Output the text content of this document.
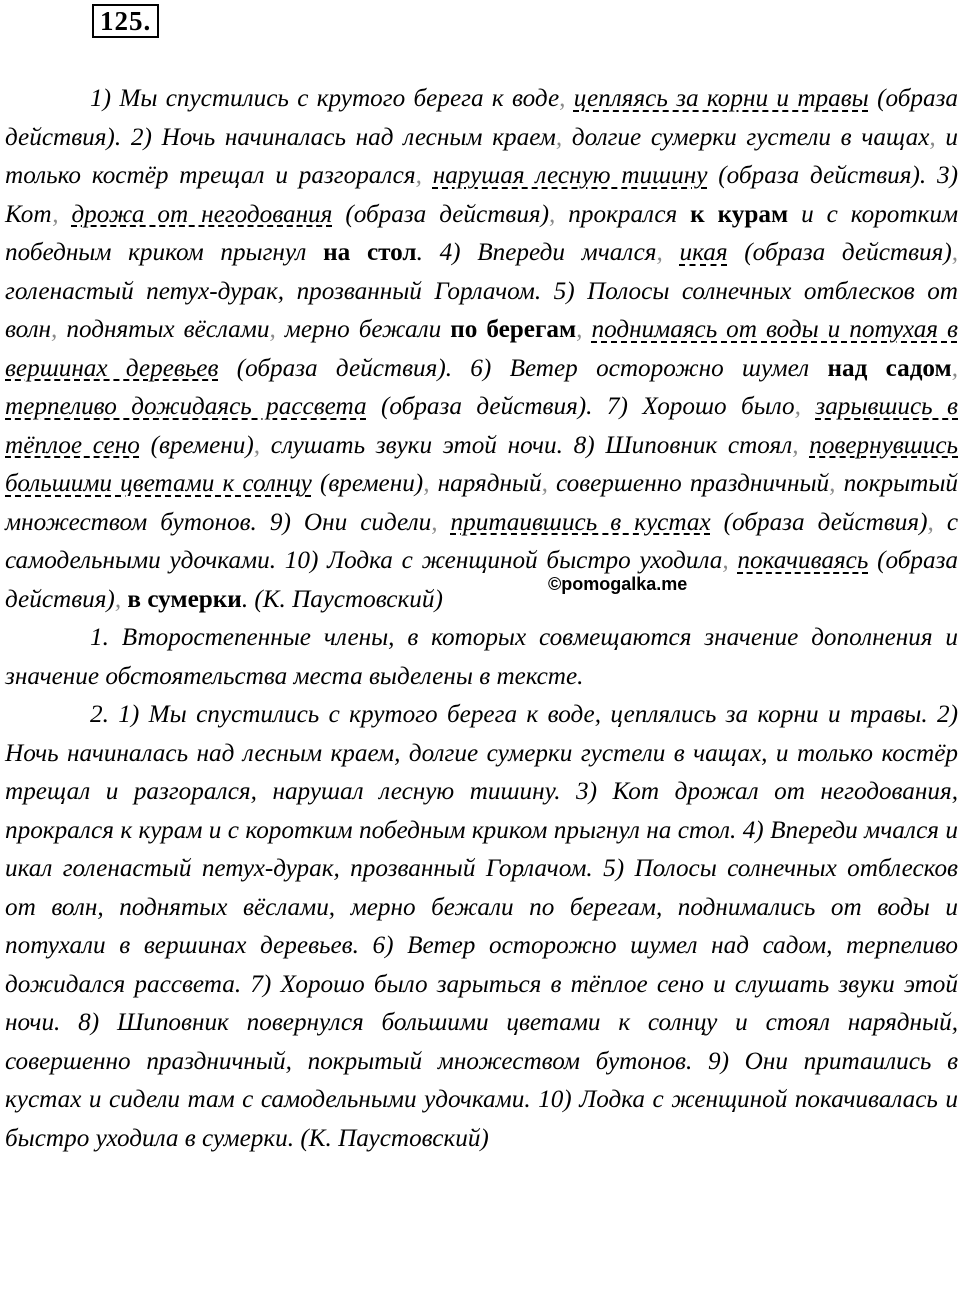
125.

1) Мы спустились с крутого берега к воде, цепляясь за корни и травы (образа действия). 2) Ночь начиналась над лесным краем, долгие сумерки густели в чащах, и только костёр трещал и разгорался, нарушая лесную тишину (образа действия). 3) Кот, дрожа от негодования (образа действия), прокрался к курам и с коротким победным криком прыгнул на стол. 4) Впереди мчался, икая (образа действия), голенастый петух-дурак, прозванный Горлачом. 5) Полосы солнечных отблесков от волн, поднятых вёслами, мерно бежали по берегам, поднимаясь от воды и потухая в вершинах деревьев (образа действия). 6) Ветер осторожно шумел над садом, терпеливо дожидаясь рассвета (образа действия). 7) Хорошо было, зарывшись в тёплое сено (времени), слушать звуки этой ночи. 8) Шиповник стоял, повернувшись большими цветами к солнцу (времени), нарядный, совершенно праздничный, покрытый множеством бутонов. 9) Они сидели, притаившись в кустах (образа действия), с самодельными удочками. 10) Лодка с женщиной быстро уходила, покачиваясь (образа действия), в сумерки. (К. Паустовский)

1. Второстепенные члены, в которых совмещаются значение дополнения и значение обстоятельства места выделены в тексте.

2. 1) Мы спустились с крутого берега к воде, цеплялись за корни и травы. 2) Ночь начиналась над лесным краем, долгие сумерки густели в чащах, и только костёр трещал и разгорался, нарушал лесную тишину. 3) Кот дрожал от негодования, прокрался к курам и с коротким победным криком прыгнул на стол. 4) Впереди мчался и икал голенастый петух-дурак, прозванный Горлачом. 5) Полосы солнечных отблесков от волн, поднятых вёслами, мерно бежали по берегам, поднимались от воды и потухали в вершинах деревьев. 6) Ветер осторожно шумел над садом, терпеливо дожидался рассвета. 7) Хорошо было зарыться в тёплое сено и слушать звуки этой ночи. 8) Шиповник повернулся большими цветами к солнцу и стоял нарядный, совершенно праздничный, покрытый множеством бутонов. 9) Они притаились в кустах и сидели там с самодельными удочками. 10) Лодка с женщиной покачивалась и быстро уходила в сумерки. (К. Паустовский)

©pomogalka.me
